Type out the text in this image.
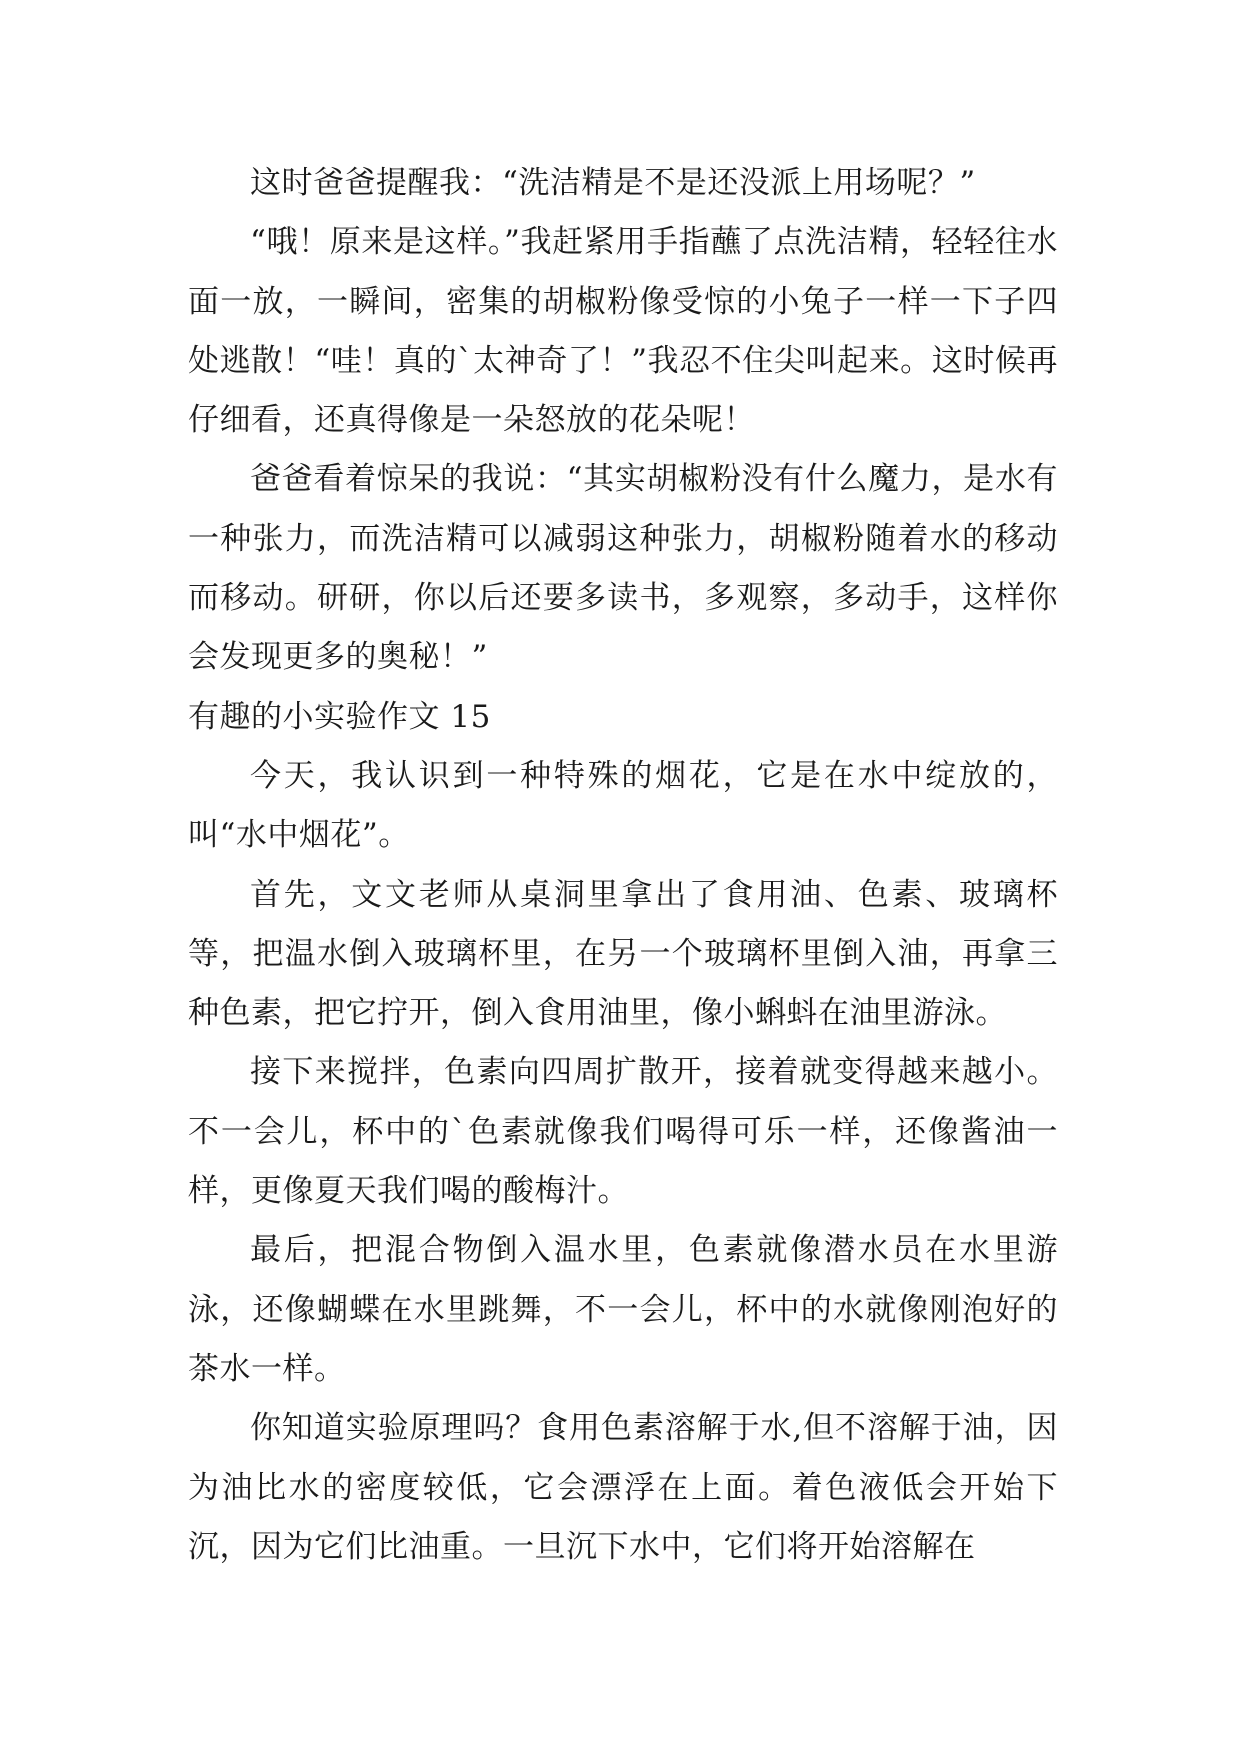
这时爸爸提醒我：“洗洁精是不是还没派上用场呢？”

“哦！原来是这样。”我赶紧用手指蘸了点洗洁精，轻轻往水面一放，一瞬间，密集的胡椒粉像受惊的小兔子一样一下子四处逃散！“哇！真的`太神奇了！”我忍不住尖叫起来。这时候再仔细看，还真得像是一朵怒放的花朵呢！

爸爸看着惊呆的我说：“其实胡椒粉没有什么魔力，是水有一种张力，而洗洁精可以减弱这种张力，胡椒粉随着水的移动而移动。研研，你以后还要多读书，多观察，多动手，这样你会发现更多的奥秘！”

有趣的小实验作文 15

今天，我认识到一种特殊的烟花，它是在水中绽放的，叫“水中烟花”。

首先，文文老师从桌洞里拿出了食用油、色素、玻璃杯等，把温水倒入玻璃杯里，在另一个玻璃杯里倒入油，再拿三种色素，把它拧开，倒入食用油里，像小蝌蚪在油里游泳。

接下来搅拌，色素向四周扩散开，接着就变得越来越小。不一会儿，杯中的`色素就像我们喝得可乐一样，还像酱油一样，更像夏天我们喝的酸梅汁。

最后，把混合物倒入温水里，色素就像潜水员在水里游泳，还像蝴蝶在水里跳舞，不一会儿，杯中的水就像刚泡好的茶水一样。

你知道实验原理吗？食用色素溶解于水,但不溶解于油，因为油比水的密度较低，它会漂浮在上面。着色液低会开始下沉，因为它们比油重。一旦沉下水中，它们将开始溶解在
